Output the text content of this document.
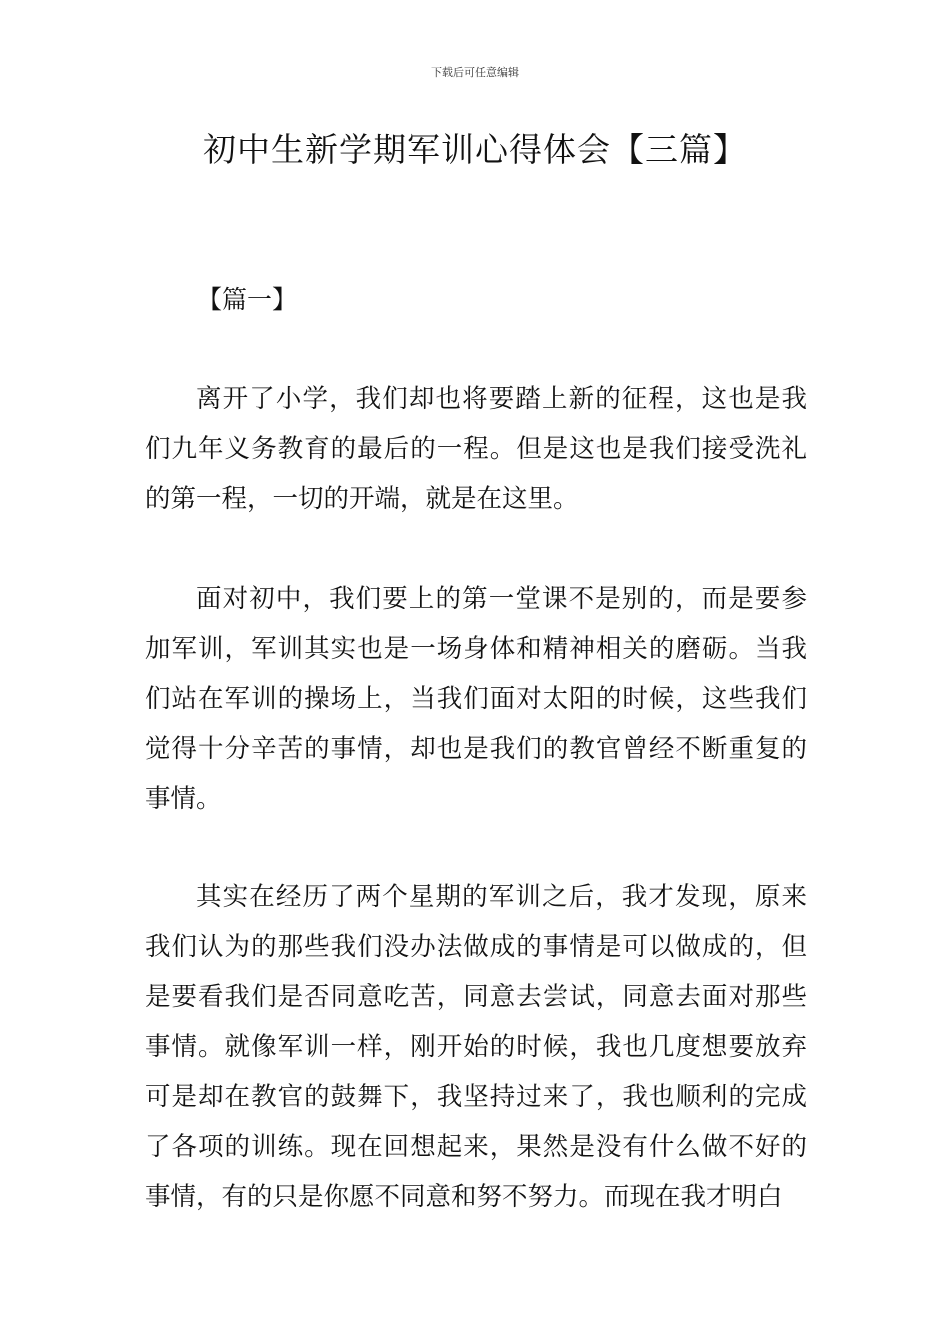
下载后可任意编辑
初中生新学期军训心得体会【三篇】
【篇一】

离开了小学，我们却也将要踏上新的征程，这也是我们九年义务教育的最后的一程。但是这也是我们接受洗礼的第一程，一切的开端，就是在这里。

面对初中，我们要上的第一堂课不是别的，而是要参加军训，军训其实也是一场身体和精神相关的磨砺。当我们站在军训的操场上，当我们面对太阳的时候，这些我们觉得十分辛苦的事情，却也是我们的教官曾经不断重复的事情。

其实在经历了两个星期的军训之后，我才发现，原来我们认为的那些我们没办法做成的事情是可以做成的，但是要看我们是否同意吃苦，同意去尝试，同意去面对那些事情。就像军训一样，刚开始的时候，我也几度想要放弃可是却在教官的鼓舞下，我坚持过来了，我也顺利的完成了各项的训练。现在回想起来，果然是没有什么做不好的事情，有的只是你愿不同意和努不努力。而现在我才明白
